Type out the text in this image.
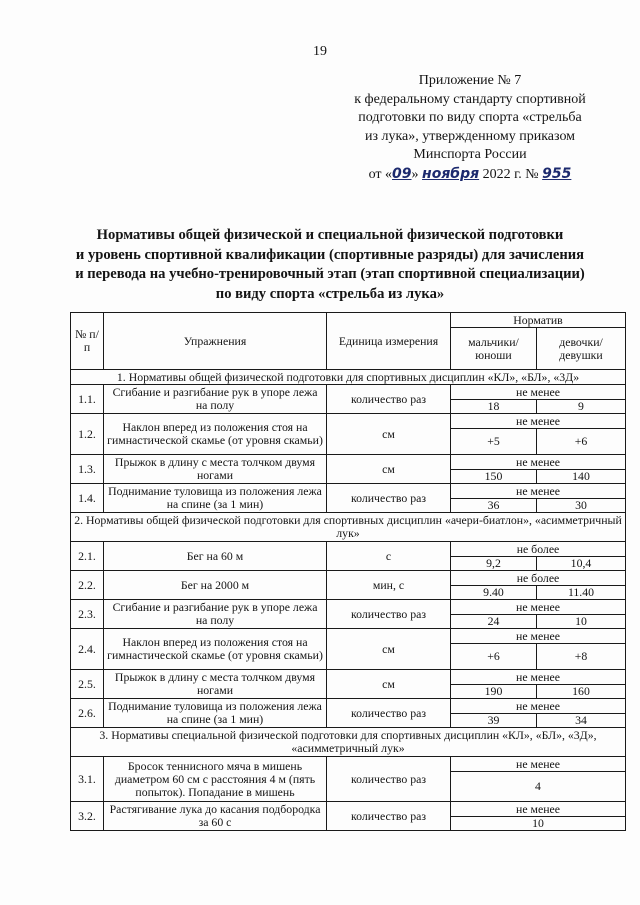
19
Приложение № 7
к федеральному стандарту спортивной
подготовки по виду спорта «стрельба
из лука», утвержденному приказом
Минспорта России
от «09» ноября 2022 г. № 955
Нормативы общей физической и специальной физической подготовки
и уровень спортивной квалификации (спортивные разряды) для зачисления
и перевода на учебно-тренировочный этап (этап спортивной специализации)
по виду спорта «стрельба из лука»
№ п/п	Упражнения	Единица измерения	Норматив	
			мальчики/ юноши	девочки/ девушки
1. Нормативы общей физической подготовки для спортивных дисциплин «КЛ», «БЛ», «3Д»				
1.1.	Сгибание и разгибание рук в упоре лежа на полу	количество раз	не менее	
			18	9
1.2.	Наклон вперед из положения стоя на гимнастической скамье (от уровня скамьи)	см	не менее	
			+5	+6
1.3.	Прыжок в длину с места толчком двумя ногами	см	не менее	
			150	140
1.4.	Поднимание туловища из положения лежа на спине (за 1 мин)	количество раз	не менее	
			36	30
2. Нормативы общей физической подготовки для спортивных дисциплин «ачери-биатлон», «асимметричный лук»				
2.1.	Бег на 60 м	с	не более	
			9,2	10,4
2.2.	Бег на 2000 м	мин, с	не более	
			9.40	11.40
2.3.	Сгибание и разгибание рук в упоре лежа на полу	количество раз	не менее	
			24	10
2.4.	Наклон вперед из положения стоя на гимнастической скамье (от уровня скамьи)	см	не менее	
			+6	+8
2.5.	Прыжок в длину с места толчком двумя ногами	см	не менее	
			190	160
2.6.	Поднимание туловища из положения лежа на спине (за 1 мин)	количество раз	не менее	
			39	34
3. Нормативы специальной физической подготовки для спортивных дисциплин «КЛ», «БЛ», «3Д», «асимметричный лук»				
3.1.	Бросок теннисного мяча в мишень диаметром 60 см с расстояния 4 м (пять попыток). Попадание в мишень	количество раз	не менее	
			4	
3.2.	Растягивание лука до касания подбородка за 60 с	количество раз	не менее	
			10	
